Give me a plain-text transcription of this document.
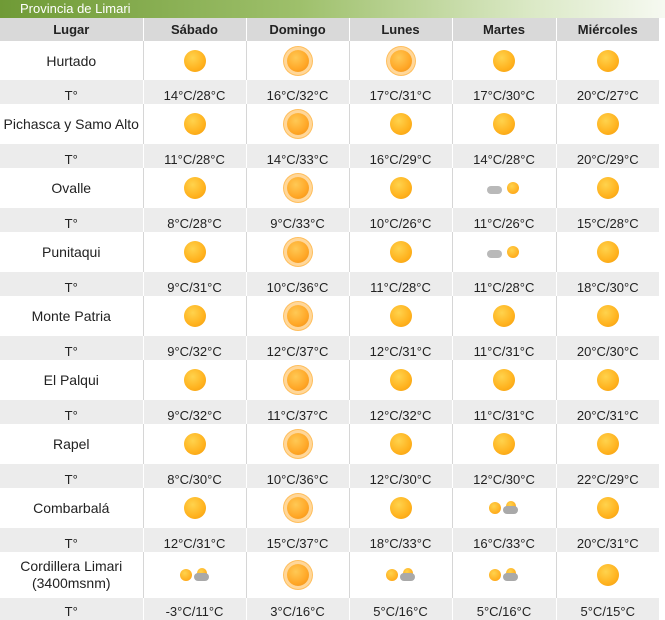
Provincia de Limari
Lugar	Sábado	Domingo	Lunes	Martes	Miércoles
Hurtado					
T°	14°C/28°C	16°C/32°C	17°C/31°C	17°C/30°C	20°C/27°C
Pichasca y Samo Alto					
T°	11°C/28°C	14°C/33°C	16°C/29°C	14°C/28°C	20°C/29°C
Ovalle				

T°	8°C/28°C	9°C/33°C	10°C/26°C	11°C/26°C	15°C/28°C
Punitaqui				

T°	9°C/31°C	10°C/36°C	11°C/28°C	11°C/28°C	18°C/30°C
Monte Patria					
T°	9°C/32°C	12°C/37°C	12°C/31°C	11°C/31°C	20°C/30°C
El Palqui					
T°	9°C/32°C	11°C/37°C	12°C/32°C	11°C/31°C	20°C/31°C
Rapel					
T°	8°C/30°C	10°C/36°C	12°C/30°C	12°C/30°C	22°C/29°C
Combarbalá				

T°	12°C/31°C	15°C/37°C	18°C/33°C	16°C/33°C	20°C/31°C
Cordillera Limari (3400msnm)	

T°	-3°C/11°C	3°C/16°C	5°C/16°C	5°C/16°C	5°C/15°C
